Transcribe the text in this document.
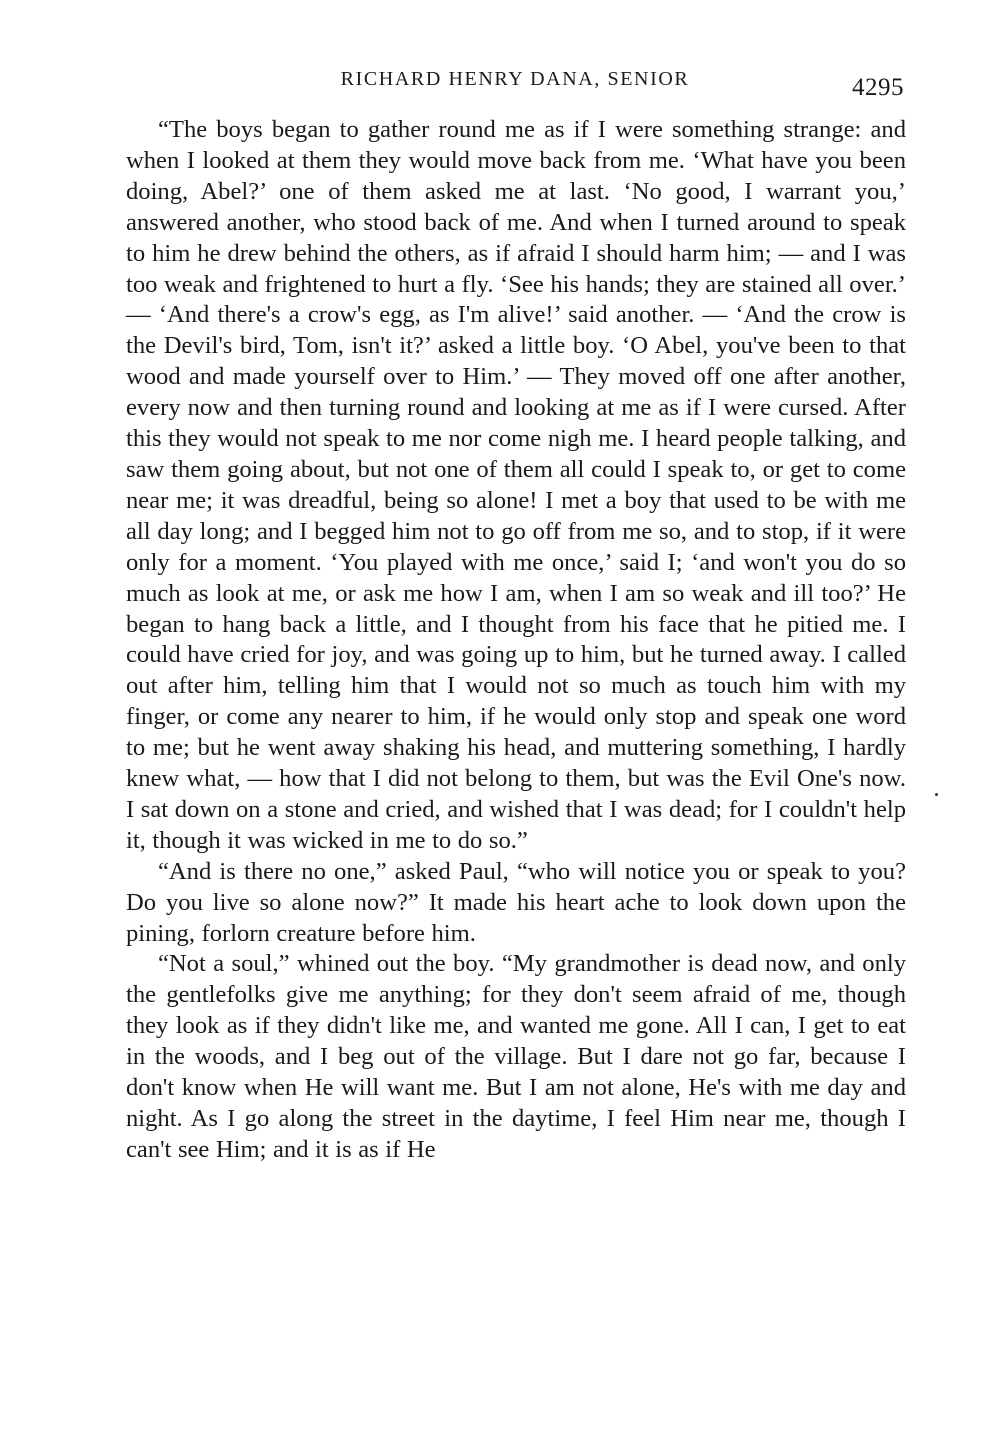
RICHARD HENRY DANA, SENIOR	4295

“The boys began to gather round me as if I were something strange: and when I looked at them they would move back from me. ‘What have you been doing, Abel?’ one of them asked me at last. ‘No good, I warrant you,’ answered another, who stood back of me. And when I turned around to speak to him he drew behind the others, as if afraid I should harm him; — and I was too weak and frightened to hurt a fly. ‘See his hands; they are stained all over.’ — ‘And there's a crow's egg, as I'm alive!’ said another. — ‘And the crow is the Devil's bird, Tom, isn't it?’ asked a little boy. ‘O Abel, you've been to that wood and made yourself over to Him.’ — They moved off one after another, every now and then turning round and looking at me as if I were cursed. After this they would not speak to me nor come nigh me. I heard people talking, and saw them going about, but not one of them all could I speak to, or get to come near me; it was dreadful, being so alone! I met a boy that used to be with me all day long; and I begged him not to go off from me so, and to stop, if it were only for a moment. ‘You played with me once,’ said I; ‘and won't you do so much as look at me, or ask me how I am, when I am so weak and ill too?’ He began to hang back a little, and I thought from his face that he pitied me. I could have cried for joy, and was going up to him, but he turned away. I called out after him, telling him that I would not so much as touch him with my finger, or come any nearer to him, if he would only stop and speak one word to me; but he went away shaking his head, and muttering something, I hardly knew what, — how that I did not belong to them, but was the Evil One's now. I sat down on a stone and cried, and wished that I was dead; for I couldn't help it, though it was wicked in me to do so.”

“And is there no one,” asked Paul, “who will notice you or speak to you? Do you live so alone now?” It made his heart ache to look down upon the pining, forlorn creature before him.

“Not a soul,” whined out the boy. “My grandmother is dead now, and only the gentlefolks give me anything; for they don't seem afraid of me, though they look as if they didn't like me, and wanted me gone. All I can, I get to eat in the woods, and I beg out of the village. But I dare not go far, because I don't know when He will want me. But I am not alone, He's with me day and night. As I go along the street in the daytime, I feel Him near me, though I can't see Him; and it is as if He
